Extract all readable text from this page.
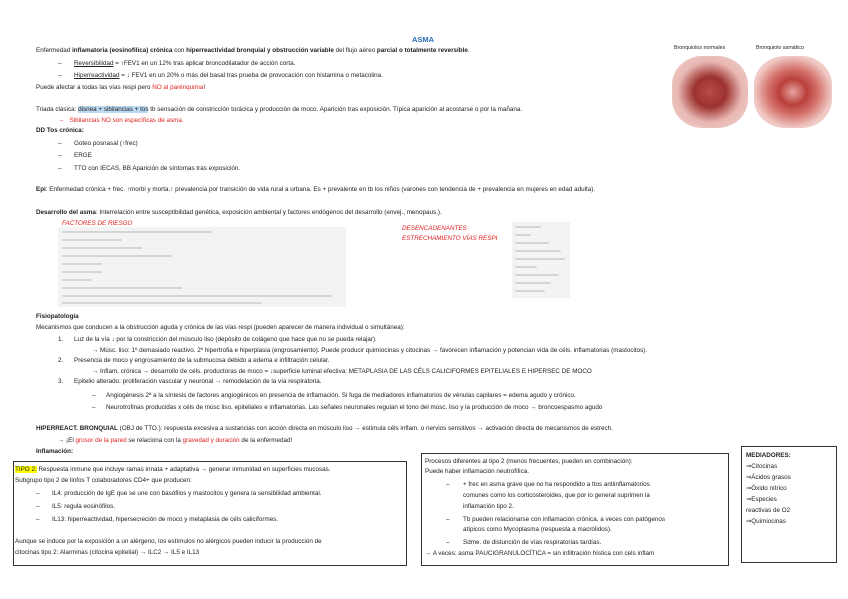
ASMA
Enfermedad inflamatoria (eosinofílica) crónica con hiperreactividad bronquial y obstrucción variable del flujo aéreo parcial o totalmente reversible.
– Reversibilidad = ↑FEV1 en un 12% tras aplicar broncodilatador de acción corta.
– Hiperreactividad = ↓ FEV1 en un 20% o más del basal tras prueba de provocación con histamina o metacolina.
Puede afectar a todas las vías respi pero NO al parénquima!
Triada clásica: disnea + sibilancias + tos tb sensación de constricción torácica y producción de moco. Aparición tras exposición. Típica aparición al acostarse o por la mañana.
→ Sibilancias NO son específicas de asma.
DD Tos crónica:
– Goteo posnasal (↑frec)
– ERGE
– TTO con IECAS, BB Aparición de síntomas tras exposición.
Epi: Enfermedad crónica + frec. ↑morbi y morta.↑ prevalencia por transición de vida rural a urbana. Es + prevalente en tb los niños (varones con tendencia de + prevalencia en mujeres en edad adulta).
Desarrollo del asma: Interrelación entre susceptibilidad genética, exposición ambiental y factores endógenos del desarrollo (envej., menopaus.).
FACTORES DE RIESGO
DESENCADENANTES
ESTRECHAMIENTO VÍAS RESPI
Fisiopatología
Mecanismos que conducen a la obstrucción aguda y crónica de las vías respi (pueden aparecer de manera individual o simultánea):
1. Luz de la vía ↓ por la constricción del músculo liso (depósito de colágeno que hace que no se pueda relajar).
→ Músc. liso: 1º demasiado reactivo. 2º hipertrofia e hiperplasia (engrosamiento). Puede producir quimiocinas y citocinas → favorecen inflamación y potencian vida de céls. inflamatorias (mastocitos).
2. Presencia de moco y engrosamiento de la submucosa debido a edema e infiltración celular.
→ Inflam. crónica → desarrollo de céls. productoras de moco = ↓superficie luminal efectiva: METAPLASIA DE LAS CÉLS CALICIFORMES EPITELIALES E HIPERSEC DE MOCO
3. Epitelio alterado: proliferación vascular y neuronal → remodelación de la vía respiratoria.
– Angiogénesis 2ª a la síntesis de factores angiogénicos en presencia de inflamación. Si fuga de mediadores inflamatorios de vénulas capilares = edema agudo y crónico.
– Neurotrofinas producidas x céls de músc liso, epiteliales e inflamatorias. Las señales neuronales regulan el tono del músc. liso y la producción de moco → broncoespasmo agudo
HIPERREACT. BRONQUIAL (OBJ de TTO.): respuesta excesiva a sustancias con acción directa en músculo liso → estimula céls inflam. o nervios sensitivos → activación directa de mecanismos de estrech.
→ ¡El grosor de la pared se relaciona con la gravedad y duración de la enfermedad!
Inflamación:
TIPO 2: Respuesta inmune que incluye ramas innata + adaptativa → generar inmunidad en superficies mucosas.
Subgrupo tipo 2 de linfos T colaboradores CD4+ que producen:
– IL4: producción de IgE que se une con basófilos y mastocitos y genera la sensibilidad ambiental.
– IL5: regula eosinófilos.
– IL13: hiperreactividad, hipersecreción de moco y metaplasia de céls caliciformes.
Aunque se induce por la exposición a un alérgeno, los estímulos no alérgicos pueden inducir la producción de
citocinas tipo 2: Alarminas (citocina epitelial) → ILC2 → IL5 e IL13
Procesos diferentes al tipo 2 (menos frecuentes, pueden en combinación):
Puede haber inflamación neutrofílica.
– + frec en asma grave que no ha respondido a ttos antiinflamatorios
comunes como los corticosteroides, que por lo general suprimen la
inflamación tipo 2.
– Tb pueden relacionarse con inflamación crónica, a veces con patógenos
atípicos como Mycoplasma (respuesta a macrólidos).
– Sdme. de distunción de vías respiratorias tardías.
→ A veces: asma PAUCIGRANULOCÍTICA = sin infiltración hística con cels inflam
MEDIADORES:
⇒Citocinas
⇒Ácidos grasos
⇒Óxido nítrico
⇒Especies
reactivas de O2
⇒Quimiocinas
Bronquiolos normales	Bronquiolo asmático
